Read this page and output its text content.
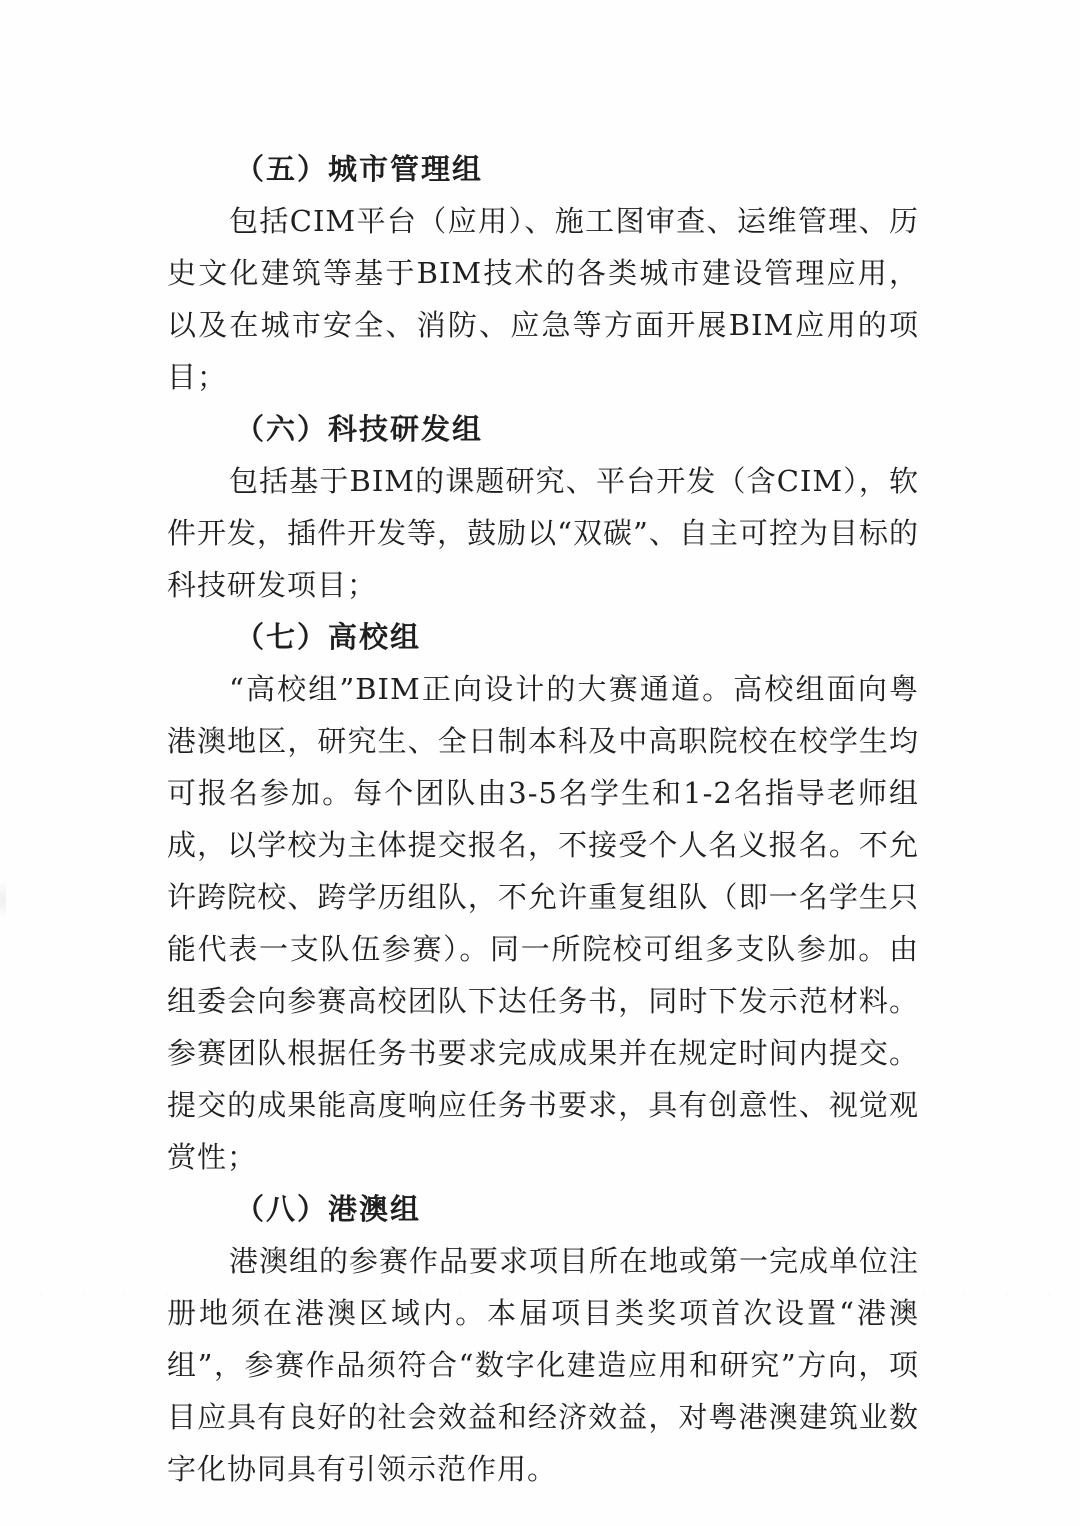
（五）城市管理组

包括CIM平台（应用）、施工图审查、运维管理、历史文化建筑等基于BIM技术的各类城市建设管理应用，以及在城市安全、消防、应急等方面开展BIM应用的项目；

（六）科技研发组

包括基于BIM的课题研究、平台开发（含CIM），软件开发，插件开发等，鼓励以“双碳”、自主可控为目标的科技研发项目；

（七）高校组

“高校组”BIM正向设计的大赛通道。高校组面向粤港澳地区，研究生、全日制本科及中高职院校在校学生均可报名参加。每个团队由3-5名学生和1-2名指导老师组成，以学校为主体提交报名，不接受个人名义报名。不允许跨院校、跨学历组队，不允许重复组队（即一名学生只能代表一支队伍参赛）。同一所院校可组多支队参加。由组委会向参赛高校团队下达任务书，同时下发示范材料。参赛团队根据任务书要求完成成果并在规定时间内提交。提交的成果能高度响应任务书要求，具有创意性、视觉观赏性；

（八）港澳组

港澳组的参赛作品要求项目所在地或第一完成单位注册地须在港澳区域内。本届项目类奖项首次设置“港澳组”，参赛作品须符合“数字化建造应用和研究”方向，项目应具有良好的社会效益和经济效益，对粤港澳建筑业数字化协同具有引领示范作用。
